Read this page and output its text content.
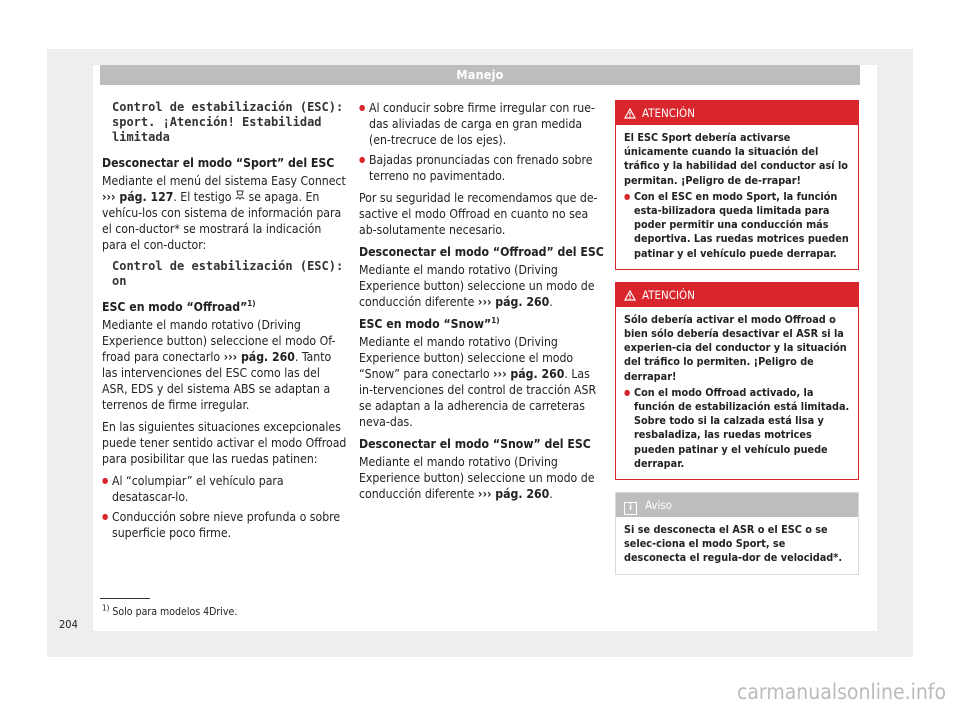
Manejo
Control de estabilización (ESC): sport. ¡Atención! Estabilidad limitada

Desconectar el modo “Sport” del ESC

Mediante el menú del sistema Easy Connect ››› pág. 127. El testigo  se apaga. En vehícu-los con sistema de información para el con-ductor* se mostrará la indicación para el con-ductor:

Control de estabilización (ESC): on

ESC en modo “Offroad”$^{1)}$

Mediante el mando rotativo (Driving Experience button) seleccione el modo Of-froad para conectarlo ››› pág. 260. Tanto las intervenciones del ESC como las del ASR, EDS y del sistema ABS se adaptan a terrenos de firme irregular.

En las siguientes situaciones excepcionales puede tener sentido activar el modo Offroad para posibilitar que las ruedas patinen:

● Al “columpiar” el vehículo para desatascar-lo.
● Conducción sobre nieve profunda o sobre superficie poco firme.
● Al conducir sobre firme irregular con rue-das aliviadas de carga en gran medida (en-trecruce de los ejes).
● Bajadas pronunciadas con frenado sobre terreno no pavimentado.

Por su seguridad le recomendamos que de-sactive el modo Offroad en cuanto no sea ab-solutamente necesario.

Desconectar el modo “Offroad” del ESC

Mediante el mando rotativo (Driving Experience button) seleccione un modo de conducción diferente ››› pág. 260.

ESC en modo “Snow”$^{1)}$

Mediante el mando rotativo (Driving Experience button) seleccione el modo “Snow” para conectarlo ››› pág. 260. Las in-tervenciones del control de tracción ASR se adaptan a la adherencia de carreteras neva-das.

Desconectar el modo “Snow” del ESC

Mediante el mando rotativo (Driving Experience button) seleccione un modo de conducción diferente ››› pág. 260.

ATENCIÓN

El ESC Sport debería activarse únicamente cuando la situación del tráfico y la habilidad del conductor así lo permitan. ¡Peligro de de-rrapar!

● Con el ESC en modo Sport, la función esta-bilizadora queda limitada para poder permitir una conducción más deportiva. Las ruedas motrices pueden patinar y el vehículo puede derrapar.
ATENCIÓN

Sólo debería activar el modo Offroad o bien sólo debería desactivar el ASR si la experien-cia del conductor y la situación del tráfico lo permiten. ¡Peligro de derrapar!

● Con el modo Offroad activado, la función de estabilización está limitada. Sobre todo si la calzada está lisa y resbaladiza, las ruedas motrices pueden patinar y el vehículo puede derrapar.
i Aviso

Si se desconecta el ASR o el ESC o se selec-ciona el modo Sport, se desconecta el regula-dor de velocidad*.

$^{1)}$ Solo para modelos 4Drive.
204
carmanualsonline.info
